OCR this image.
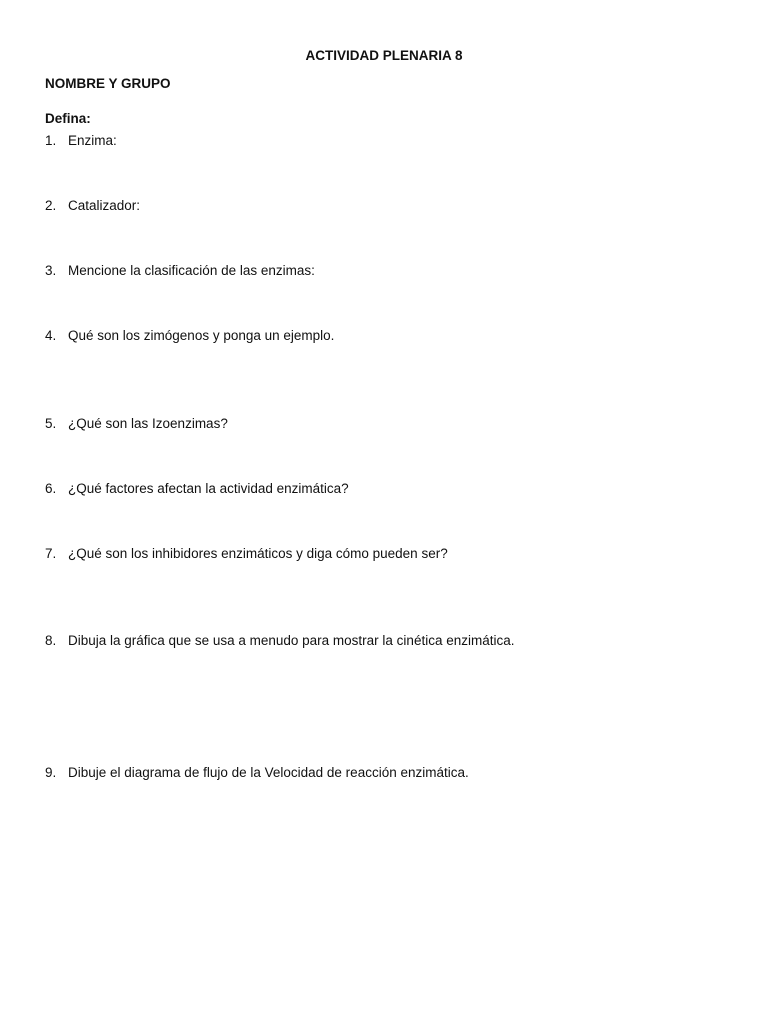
ACTIVIDAD PLENARIA 8
NOMBRE Y GRUPO
Defina:
1. Enzima:
2. Catalizador:
3. Mencione la clasificación de las enzimas:
4. Qué son los zimógenos y ponga un ejemplo.
5. ¿Qué son las Izoenzimas?
6. ¿Qué factores afectan la actividad enzimática?
7. ¿Qué son los inhibidores enzimáticos y diga cómo pueden ser?
8. Dibuja la gráfica que se usa a menudo para mostrar la cinética enzimática.
9. Dibuje el diagrama de flujo de la Velocidad de reacción enzimática.
